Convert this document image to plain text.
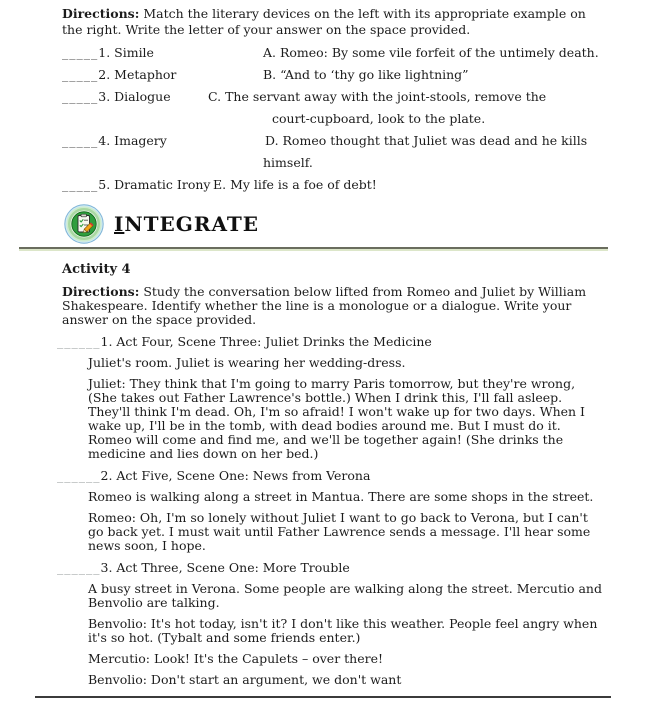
Directions: Match the literary devices on the left with its appropriate example on the right. Write the letter of your answer on the space provided.
_____1. Simile	A. Romeo: By some vile forfeit of the untimely death.
_____2. Metaphor	B. “And to ‘thy go like lightning”
_____3. Dialogue	C. The servant away with the joint-stools, remove the
court-cupboard, look to the plate.
_____4. Imagery	D. Romeo thought that Juliet was dead and he kills
himself.
_____5. Dramatic Irony E. My life is a foe of debt!
INTEGRATE
Activity 4
Directions: Study the conversation below lifted from Romeo and Juliet by William Shakespeare. Identify whether the line is a monologue or a dialogue. Write your answer on the space provided.
______1. Act Four, Scene Three: Juliet Drinks the Medicine
Juliet's room. Juliet is wearing her wedding-dress.
Juliet: They think that I'm going to marry Paris tomorrow, but they're wrong, (She takes out Father Lawrence's bottle.) When I drink this, I'll fall asleep. They'll think I'm dead. Oh, I'm so afraid! I won't wake up for two days. When I wake up, I'll be in the tomb, with dead bodies around me. But I must do it. Romeo will come and find me, and we'll be together again! (She drinks the medicine and lies down on her bed.)
______2. Act Five, Scene One: News from Verona
Romeo is walking along a street in Mantua. There are some shops in the street.
Romeo: Oh, I'm so lonely without Juliet I want to go back to Verona, but I can't go back yet. I must wait until Father Lawrence sends a message. I'll hear some news soon, I hope.
______3. Act Three, Scene One: More Trouble
A busy street in Verona. Some people are walking along the street. Mercutio and Benvolio are talking.
Benvolio: It's hot today, isn't it? I don't like this weather. People feel angry when it's so hot. (Tybalt and some friends enter.)
Mercutio: Look! It's the Capulets – over there!
Benvolio: Don't start an argument, we don't want
